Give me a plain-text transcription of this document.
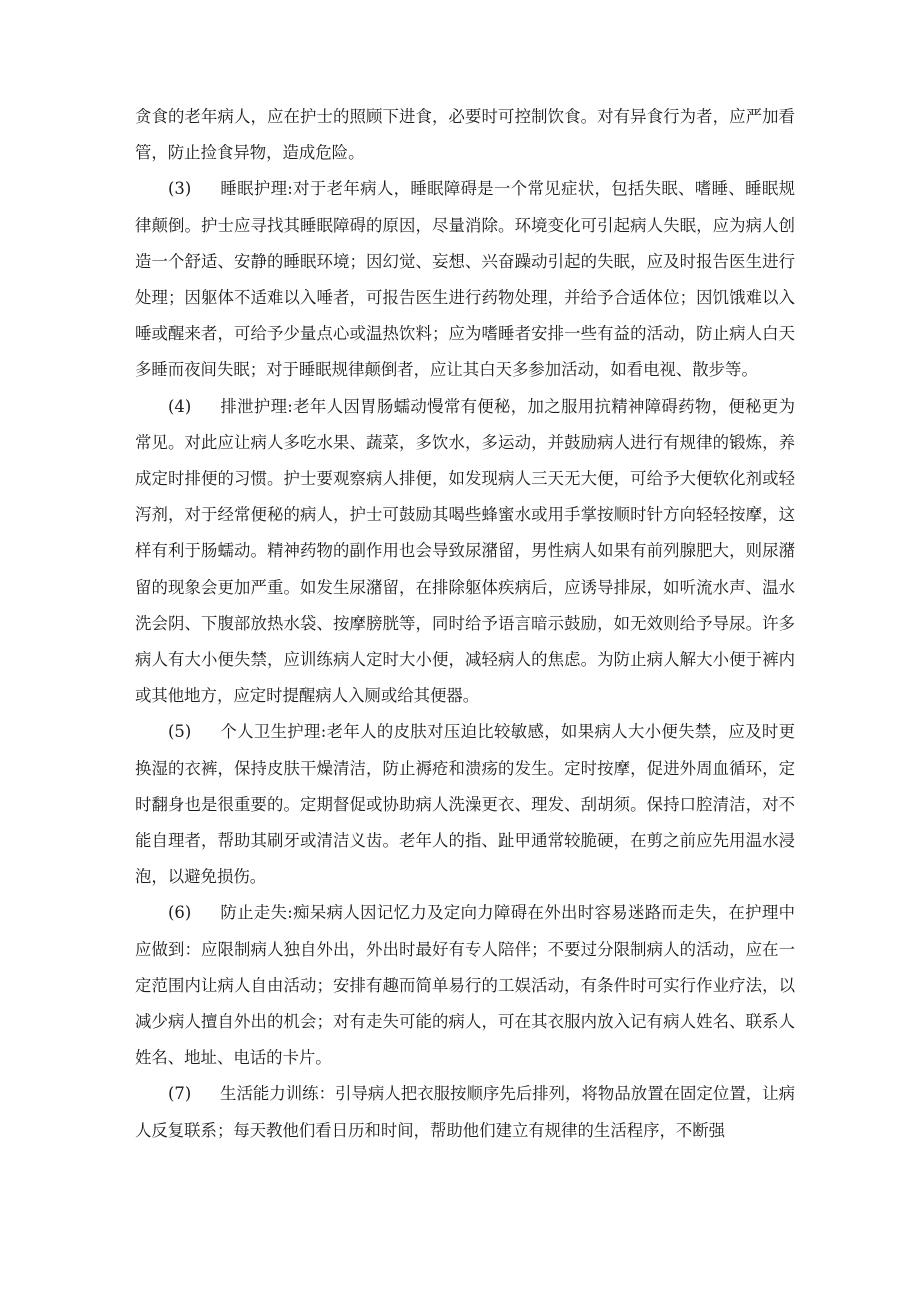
贪食的老年病人，应在护士的照顾下进食，必要时可控制饮食。对有异食行为者，应严加看管，防止捡食异物，造成危险。

(3) 睡眠护理:对于老年病人，睡眠障碍是一个常见症状，包括失眠、嗜睡、睡眠规律颠倒。护士应寻找其睡眠障碍的原因，尽量消除。环境变化可引起病人失眠，应为病人创造一个舒适、安静的睡眠环境；因幻觉、妄想、兴奋躁动引起的失眠，应及时报告医生进行处理；因躯体不适难以入唾者，可报告医生进行药物处理，并给予合适体位；因饥饿难以入唾或醒来者，可给予少量点心或温热饮料；应为嗜睡者安排一些有益的活动，防止病人白天多睡而夜间失眠；对于睡眠规律颠倒者，应让其白天多参加活动，如看电视、散步等。

(4) 排泄护理:老年人因胃肠蠕动慢常有便秘，加之服用抗精神障碍药物，便秘更为常见。对此应让病人多吃水果、蔬菜，多饮水，多运动，并鼓励病人进行有规律的锻炼，养成定时排便的习惯。护士要观察病人排便，如发现病人三天无大便，可给予大便软化剂或轻泻剂，对于经常便秘的病人，护士可鼓励其喝些蜂蜜水或用手掌按顺时针方向轻轻按摩，这样有利于肠蠕动。精神药物的副作用也会导致尿潴留，男性病人如果有前列腺肥大，则尿潴留的现象会更加严重。如发生尿潴留，在排除躯体疾病后，应诱导排尿，如听流水声、温水洗会阴、下腹部放热水袋、按摩膀胱等，同时给予语言暗示鼓励，如无效则给予导尿。许多病人有大小便失禁，应训练病人定时大小便，减轻病人的焦虑。为防止病人解大小便于裤内或其他地方，应定时提醒病人入厕或给其便器。

(5) 个人卫生护理:老年人的皮肤对压迫比较敏感，如果病人大小便失禁，应及时更换湿的衣裤，保持皮肤干燥清洁，防止褥疮和溃疡的发生。定时按摩，促进外周血循环，定时翻身也是很重要的。定期督促或协助病人洗澡更衣、理发、刮胡须。保持口腔清洁，对不能自理者，帮助其刷牙或清洁义齿。老年人的指、趾甲通常较脆硬，在剪之前应先用温水浸泡，以避免损伤。

(6) 防止走失:痴呆病人因记忆力及定向力障碍在外出时容易迷路而走失，在护理中应做到：应限制病人独自外出，外出时最好有专人陪伴；不要过分限制病人的活动，应在一定范围内让病人自由活动；安排有趣而简单易行的工娱活动，有条件时可实行作业疗法，以减少病人擅自外出的机会；对有走失可能的病人，可在其衣服内放入记有病人姓名、联系人姓名、地址、电话的卡片。

(7) 生活能力训练：引导病人把衣服按顺序先后排列，将物品放置在固定位置，让病人反复联系；每天教他们看日历和时间，帮助他们建立有规律的生活程序，不断强
